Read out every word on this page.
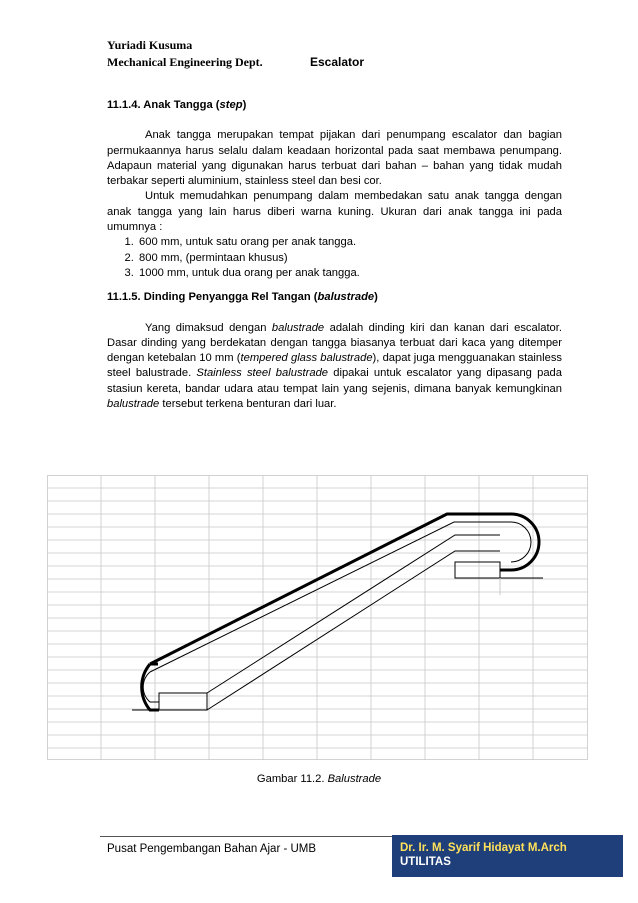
Yuriadi Kusuma
Mechanical Engineering Dept.	Escalator

11.1.4. Anak Tangga (step)

Anak tangga merupakan tempat pijakan dari penumpang escalator dan bagian permukaannya harus selalu dalam keadaan horizontal pada saat membawa penumpang. Adapaun material yang digunakan harus terbuat dari bahan – bahan yang tidak mudah terbakar seperti aluminium, stainless steel dan besi cor.

Untuk memudahkan penumpang dalam membedakan satu anak tangga dengan anak tangga yang lain harus diberi warna kuning. Ukuran dari anak tangga ini pada umumnya :

1. 600 mm, untuk satu orang per anak tangga.
2. 800 mm, (permintaan khusus)
3. 1000 mm, untuk dua orang per anak tangga.

11.1.5. Dinding Penyangga Rel Tangan (balustrade)

Yang dimaksud dengan balustrade adalah dinding kiri dan kanan dari escalator. Dasar dinding yang berdekatan dengan tangga biasanya terbuat dari kaca yang ditemper dengan ketebalan 10 mm (tempered glass balustrade), dapat juga mengguanakan stainless steel balustrade. Stainless steel balustrade dipakai untuk escalator yang dipasang pada stasiun kereta, bandar udara atau tempat lain yang sejenis, dimana banyak kemungkinan balustrade tersebut terkena benturan dari luar.

Gambar 11.2. Balustrade
Pusat Pengembangan Bahan Ajar - UMB	Dr. Ir. M. Syarif Hidayat M.Arch
UTILITAS
